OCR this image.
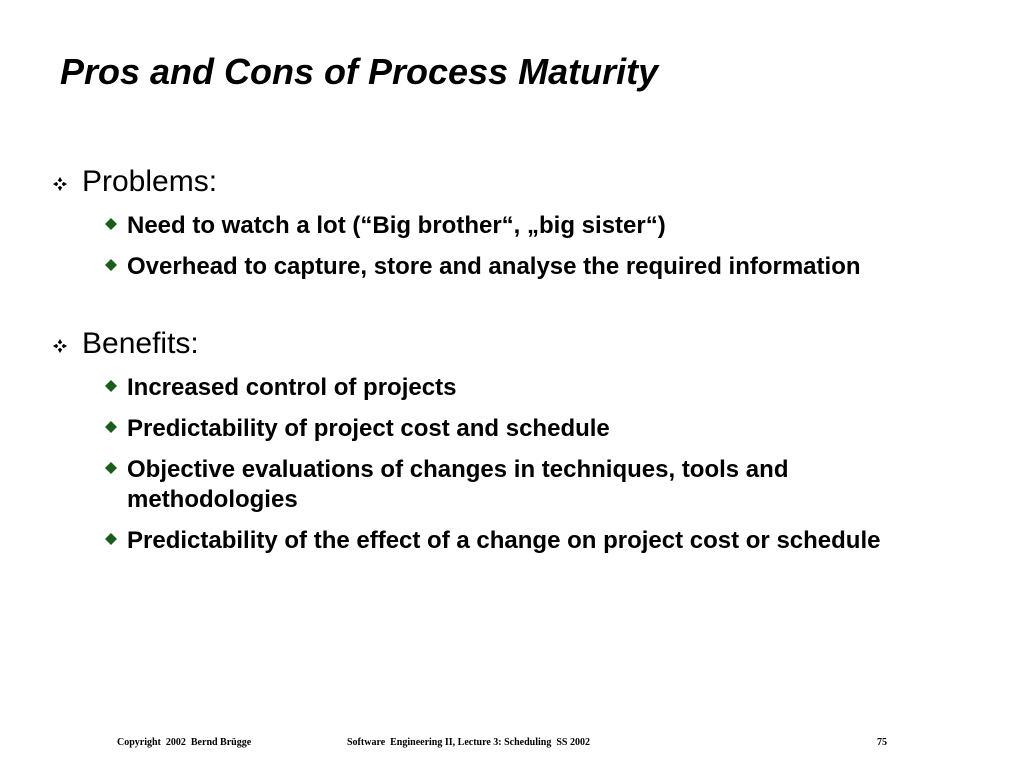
Pros and Cons of Process Maturity
Problems:
Need to watch a lot (“Big brother“, „big sister“)
Overhead to capture, store and analyse the required information
Benefits:
Increased control of projects
Predictability of project cost and schedule
Objective evaluations of changes in techniques, tools and methodologies
Predictability of the effect of a change on project cost or schedule
Copyright  2002  Bernd Brügge	Software  Engineering II, Lecture 3: Scheduling  SS 2002	75
